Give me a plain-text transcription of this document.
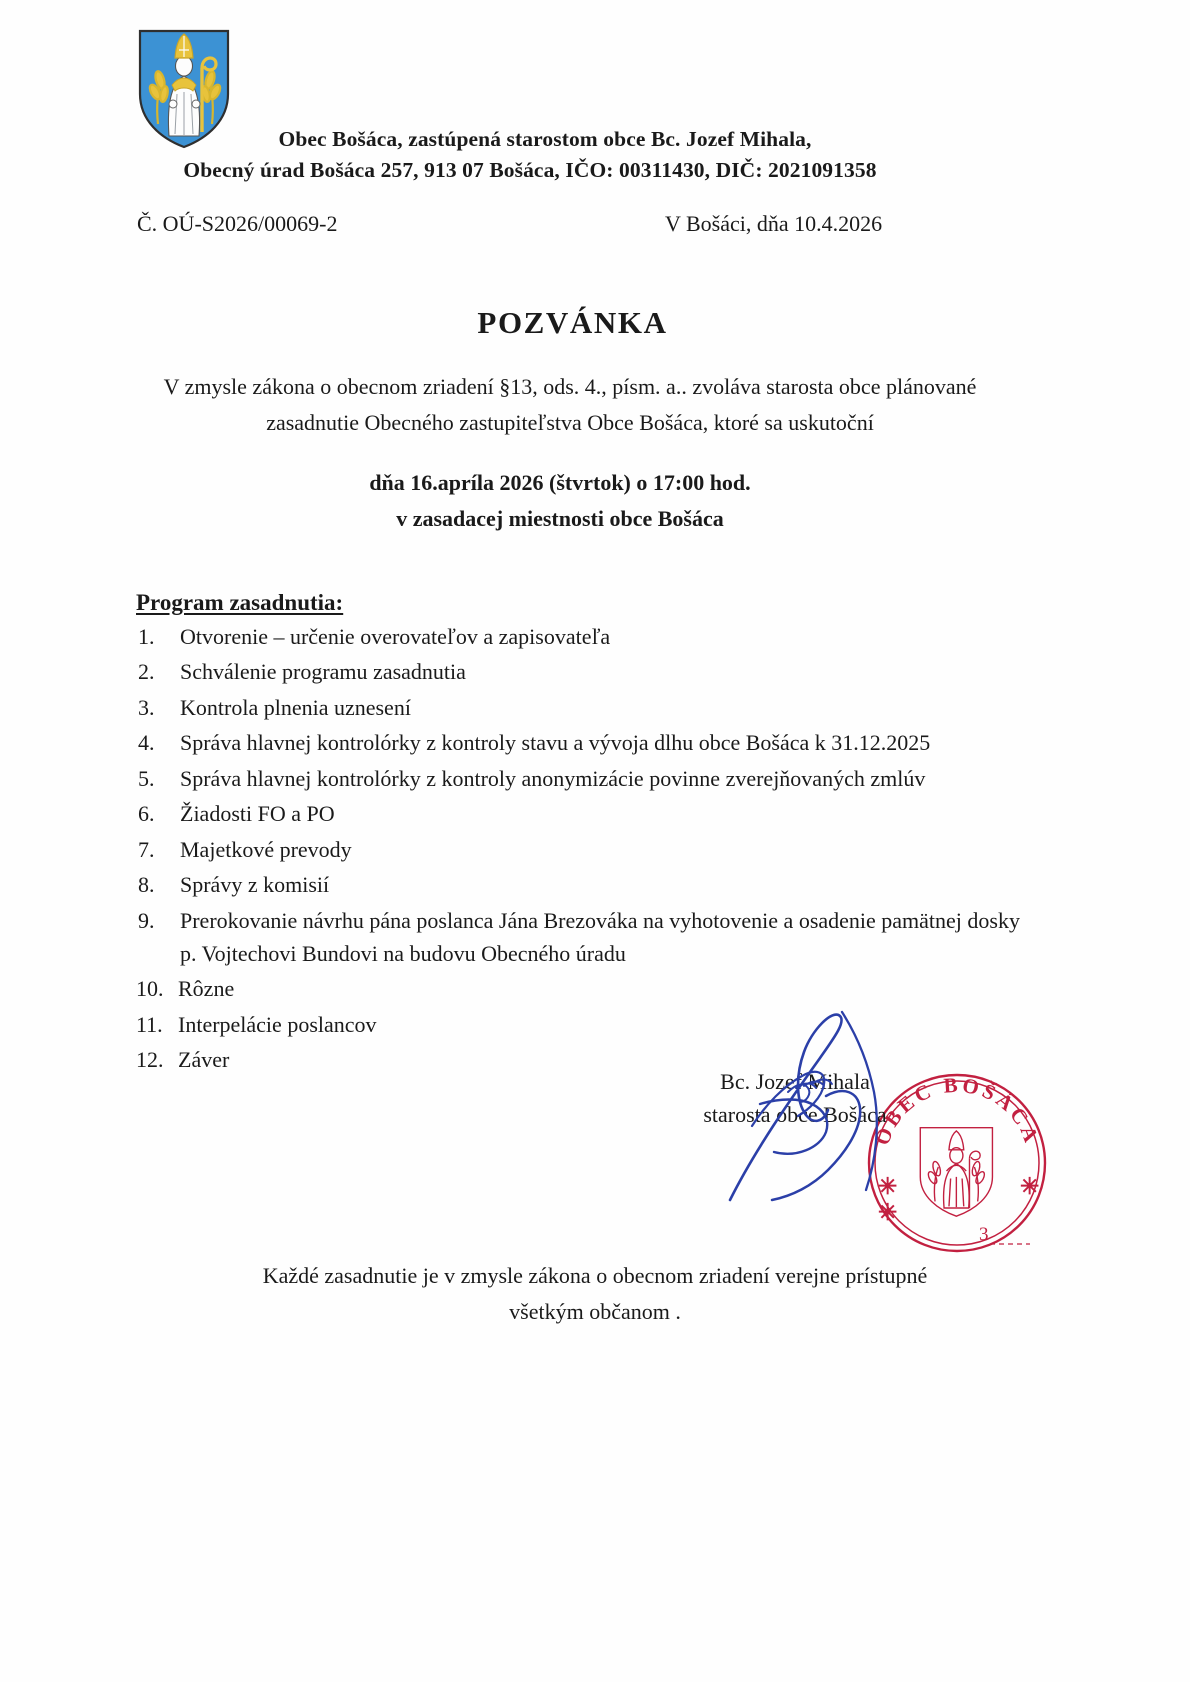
Obec Bošáca, zastúpená starostom obce Bc. Jozef Mihala,
Obecný úrad Bošáca 257, 913 07 Bošáca, IČO: 00311430, DIČ: 2021091358
Č. OÚ-S2026/00069-2	V Bošáci, dňa 10.4.2026
POZVÁNKA
V zmysle zákona o obecnom zriadení §13, ods. 4., písm. a.. zvoláva starosta obce plánované
zasadnutie Obecného zastupiteľstva Obce Bošáca, ktoré sa uskutoční
dňa 16.apríla 2026 (štvrtok) o 17:00 hod.
v zasadacej miestnosti obce Bošáca
Program zasadnutia:
1.	Otvorenie – určenie overovateľov a zapisovateľa
2.	Schválenie programu zasadnutia
3.	Kontrola plnenia uznesení
4.	Správa hlavnej kontrolórky z kontroly stavu a vývoja dlhu obce Bošáca k 31.12.2025
5.	Správa hlavnej kontrolórky z kontroly anonymizácie povinne zverejňovaných zmlúv
6.	Žiadosti FO a PO
7.	Majetkové prevody
8.	Správy z komisií
9.	Prerokovanie návrhu pána poslanca Jána Brezováka na vyhotovenie a osadenie pamätnej dosky p. Vojtechovi Bundovi na budovu Obecného úradu
10. Rôzne
11. Interpelácie poslancov
12. Záver
OBEC BOŠÁCA
✳	✳
✳
3
Bc. Jozef Mihala
starosta obce Bošáca
Každé zasadnutie je v zmysle zákona o obecnom zriadení verejne prístupné
všetkým občanom .
